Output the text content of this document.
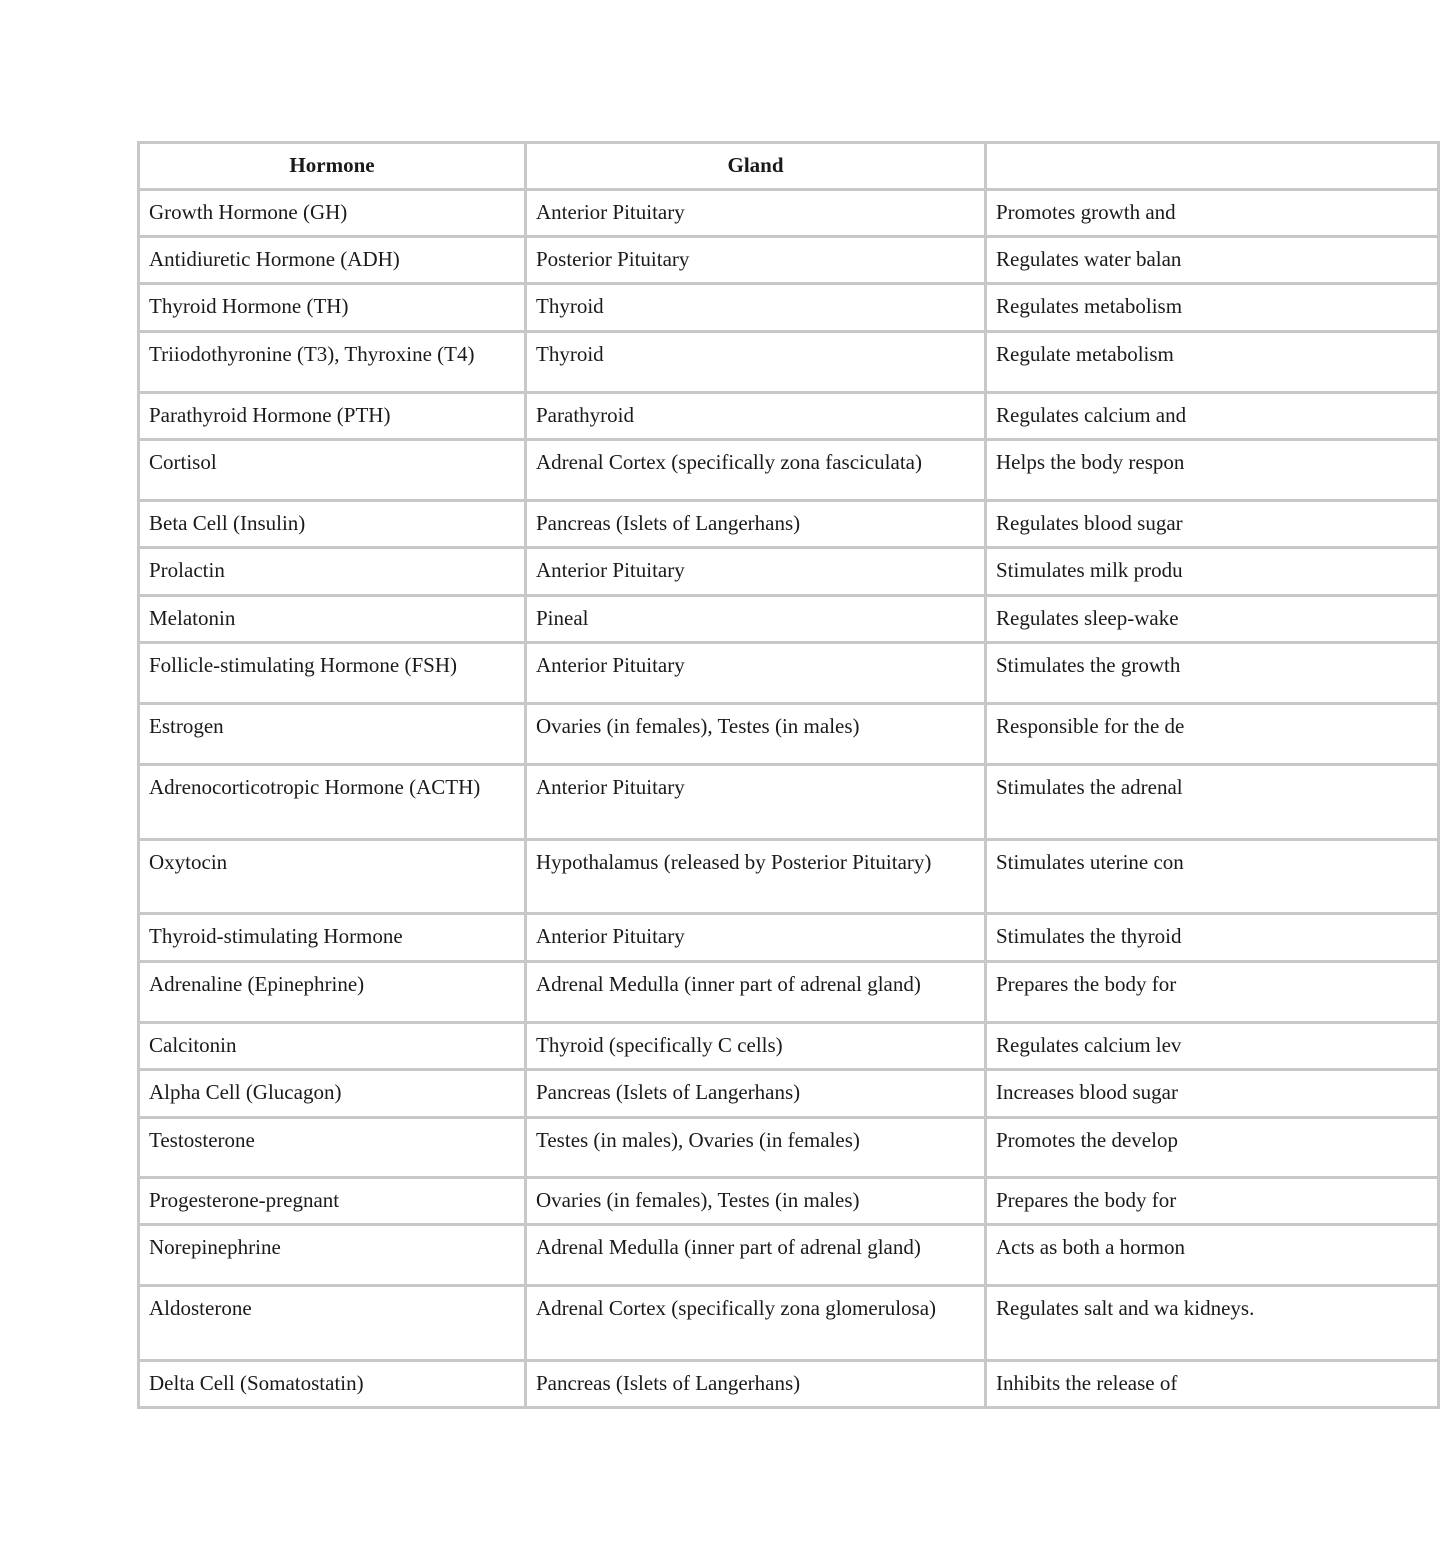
Hormone	Gland	
Growth Hormone (GH)	Anterior Pituitary	Promotes growth and
Antidiuretic Hormone (ADH)	Posterior Pituitary	Regulates water balan
Thyroid Hormone (TH)	Thyroid	Regulates metabolism
Triiodothyronine (T3), Thyroxine (T4)	Thyroid	Regulate metabolism
Parathyroid Hormone (PTH)	Parathyroid	Regulates calcium and
Cortisol	Adrenal Cortex (specifically zona fasciculata)	Helps the body respon
Beta Cell (Insulin)	Pancreas (Islets of Langerhans)	Regulates blood sugar
Prolactin	Anterior Pituitary	Stimulates milk produ
Melatonin	Pineal	Regulates sleep-wake
Follicle-stimulating Hormone (FSH)	Anterior Pituitary	Stimulates the growth
Estrogen	Ovaries (in females), Testes (in males)	Responsible for the de
Adrenocorticotropic Hormone (ACTH)	Anterior Pituitary	Stimulates the adrenal
Oxytocin	Hypothalamus (released by Posterior Pituitary)	Stimulates uterine con
Thyroid-stimulating Hormone	Anterior Pituitary	Stimulates the thyroid
Adrenaline (Epinephrine)	Adrenal Medulla (inner part of adrenal gland)	Prepares the body for
Calcitonin	Thyroid (specifically C cells)	Regulates calcium lev
Alpha Cell (Glucagon)	Pancreas (Islets of Langerhans)	Increases blood sugar
Testosterone	Testes (in males), Ovaries (in females)	Promotes the develop
Progesterone-pregnant	Ovaries (in females), Testes (in males)	Prepares the body for
Norepinephrine	Adrenal Medulla (inner part of adrenal gland)	Acts as both a hormon
Aldosterone	Adrenal Cortex (specifically zona glomerulosa)	Regulates salt and wa kidneys.
Delta Cell (Somatostatin)	Pancreas (Islets of Langerhans)	Inhibits the release of
